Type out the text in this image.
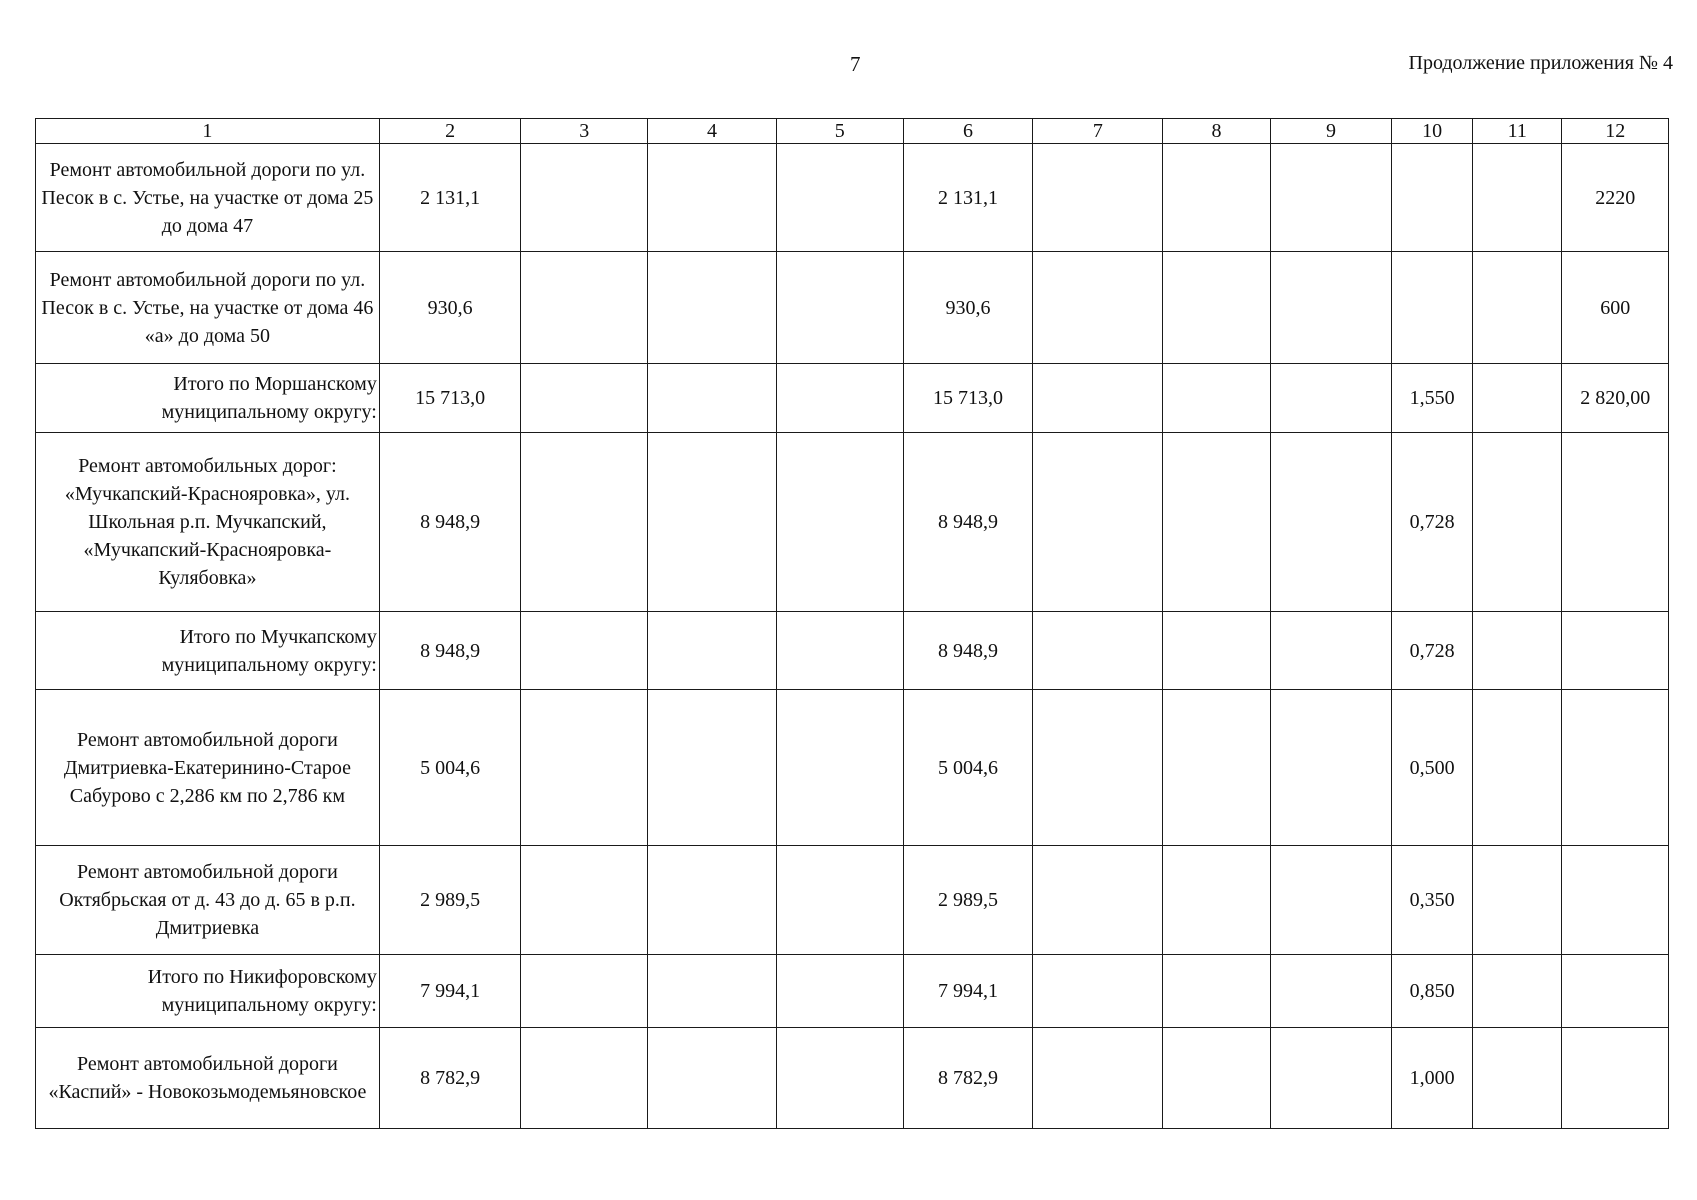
7	Продолжение приложения № 4
1	2	3	4	5	6	7	8	9	10	11	12
Ремонт автомобильной дороги по ул. Песок в с. Устье, на участке от дома 25 до дома 47	2 131,1				2 131,1						2220
Ремонт автомобильной дороги по ул. Песок в с. Устье, на участке от дома 46 «а» до дома 50	930,6				930,6						600
Итого по Моршанскому муниципальному округу:	15 713,0				15 713,0				1,550		2 820,00
Ремонт автомобильных дорог: «Мучкапский-Краснояровка», ул. Школьная р.п. Мучкапский, «Мучкапский-Краснояровка-Кулябовка»	8 948,9				8 948,9				0,728		
Итого по Мучкапскому муниципальному округу:	8 948,9				8 948,9				0,728		
Ремонт автомобильной дороги Дмитриевка-Екатеринино-Старое Сабурово с 2,286 км по 2,786 км	5 004,6				5 004,6				0,500		
Ремонт автомобильной дороги Октябрьская от д. 43 до д. 65 в р.п. Дмитриевка	2 989,5				2 989,5				0,350		
Итого по Никифоровскому муниципальному округу:	7 994,1				7 994,1				0,850		
Ремонт автомобильной дороги «Каспий» - Новокозьмодемьяновское	8 782,9				8 782,9				1,000		
